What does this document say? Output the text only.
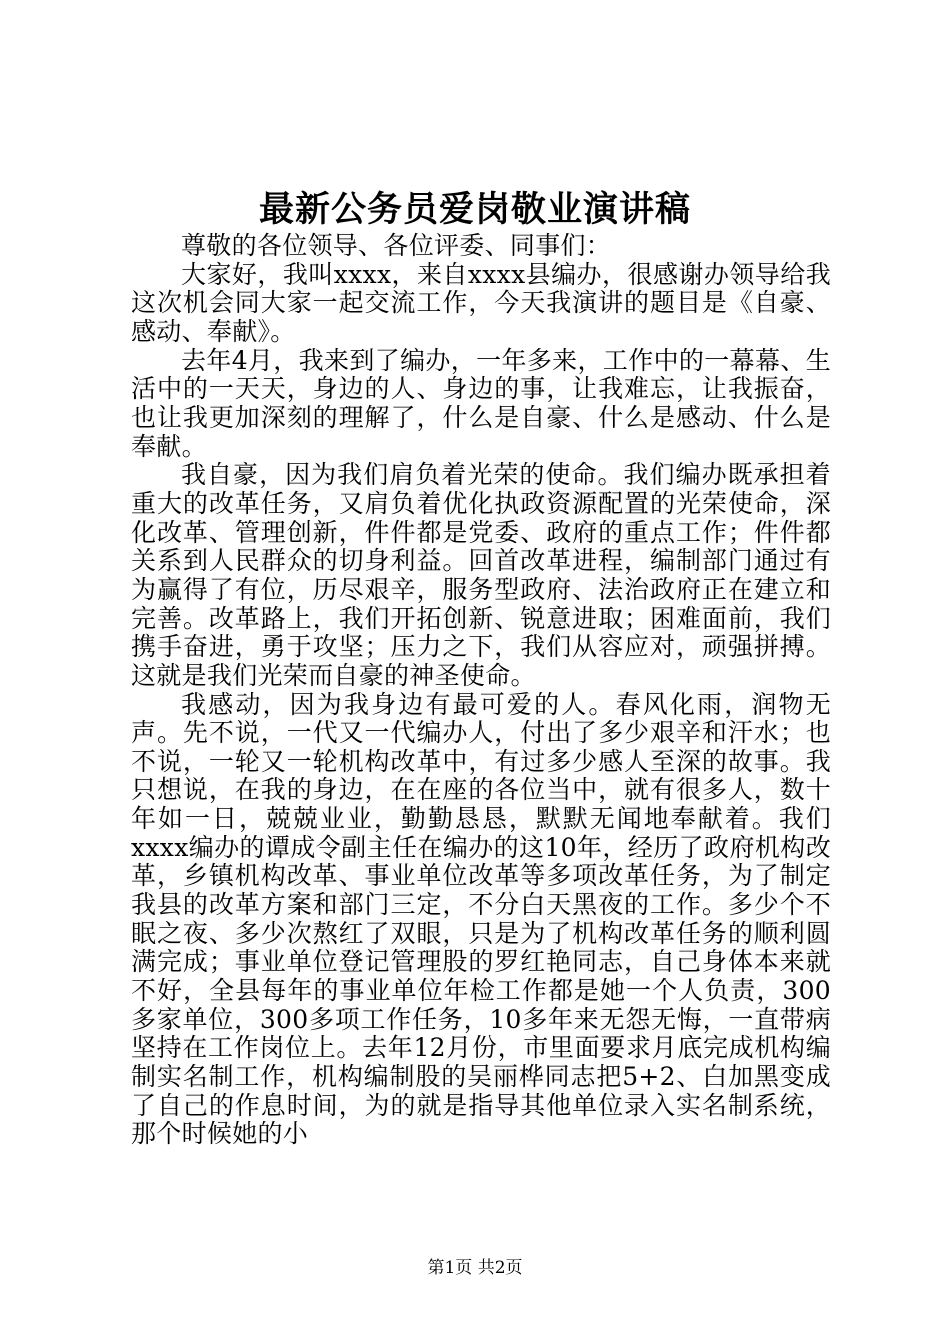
最新公务员爱岗敬业演讲稿

尊敬的各位领导、各位评委、同事们：

大家好，我叫xxxx，来自xxxx县编办，很感谢办领导给我这次机会同大家一起交流工作，今天我演讲的题目是《自豪、感动、奉献》。

去年4月，我来到了编办，一年多来，工作中的一幕幕、生活中的一天天，身边的人、身边的事，让我难忘，让我振奋，也让我更加深刻的理解了，什么是自豪、什么是感动、什么是奉献。

我自豪，因为我们肩负着光荣的使命。我们编办既承担着重大的改革任务，又肩负着优化执政资源配置的光荣使命，深化改革、管理创新，件件都是党委、政府的重点工作；件件都关系到人民群众的切身利益。回首改革进程，编制部门通过有为赢得了有位，历尽艰辛，服务型政府、法治政府正在建立和完善。改革路上，我们开拓创新、锐意进取；困难面前，我们携手奋进，勇于攻坚；压力之下，我们从容应对，顽强拼搏。这就是我们光荣而自豪的神圣使命。

我感动，因为我身边有最可爱的人。春风化雨，润物无声。先不说，一代又一代编办人，付出了多少艰辛和汗水；也不说，一轮又一轮机构改革中，有过多少感人至深的故事。我只想说，在我的身边，在在座的各位当中，就有很多人，数十年如一日，兢兢业业，勤勤恳恳，默默无闻地奉献着。我们xxxx编办的谭成令副主任在编办的这10年，经历了政府机构改革，乡镇机构改革、事业单位改革等多项改革任务，为了制定我县的改革方案和部门三定，不分白天黑夜的工作。多少个不眠之夜、多少次熬红了双眼，只是为了机构改革任务的顺利圆满完成；事业单位登记管理股的罗红艳同志，自己身体本来就不好，全县每年的事业单位年检工作都是她一个人负责，300多家单位，300多项工作任务，10多年来无怨无悔，一直带病坚持在工作岗位上。去年12月份，市里面要求月底完成机构编制实名制工作，机构编制股的吴丽桦同志把5+2、白加黑变成了自己的作息时间，为的就是指导其他单位录入实名制系统，那个时候她的小

第1页 共2页
